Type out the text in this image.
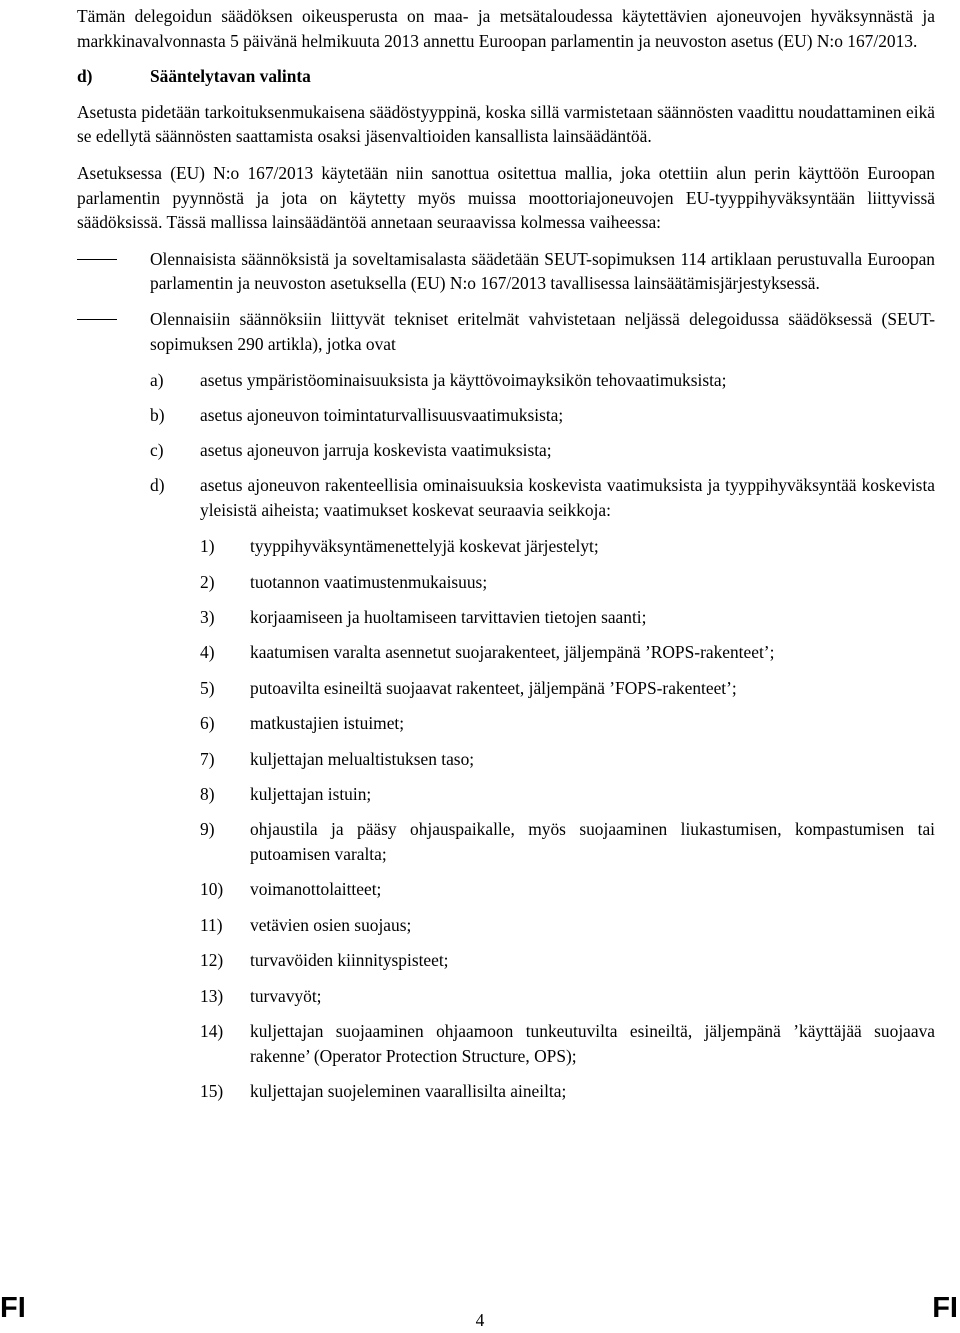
Tämän delegoidun säädöksen oikeusperusta on maa- ja metsätaloudessa käytettävien ajoneuvojen hyväksynnästä ja markkinavalvonnasta 5 päivänä helmikuuta 2013 annettu Euroopan parlamentin ja neuvoston asetus (EU) N:o 167/2013.

d)	Sääntelytavan valinta

Asetusta pidetään tarkoituksenmukaisena säädöstyyppinä, koska sillä varmistetaan säännösten vaadittu noudattaminen eikä se edellytä säännösten saattamista osaksi jäsenvaltioiden kansallista lainsäädäntöä.

Asetuksessa (EU) N:o 167/2013 käytetään niin sanottua ositettua mallia, joka otettiin alun perin käyttöön Euroopan parlamentin pyynnöstä ja jota on käytetty myös muissa moottoriajoneuvojen EU-tyyppihyväksyntään liittyvissä säädöksissä. Tässä mallissa lainsäädäntöä annetaan seuraavissa kolmessa vaiheessa:

Olennaisista säännöksistä ja soveltamisalasta säädetään SEUT-sopimuksen 114 artiklaan perustuvalla Euroopan parlamentin ja neuvoston asetuksella (EU) N:o 167/2013 tavallisessa lainsäätämisjärjestyksessä.
Olennaisiin säännöksiin liittyvät tekniset eritelmät vahvistetaan neljässä delegoidussa säädöksessä (SEUT-sopimuksen 290 artikla), jotka ovat
a)	asetus ympäristöominaisuuksista ja käyttövoimayksikön tehovaatimuksista;
b)	asetus ajoneuvon toimintaturvallisuusvaatimuksista;
c)	asetus ajoneuvon jarruja koskevista vaatimuksista;
d)	asetus ajoneuvon rakenteellisia ominaisuuksia koskevista vaatimuksista ja tyyppihyväksyntää koskevista yleisistä aiheista; vaatimukset koskevat seuraavia seikkoja:
1)	tyyppihyväksyntämenettelyjä koskevat järjestelyt;
2)	tuotannon vaatimustenmukaisuus;
3)	korjaamiseen ja huoltamiseen tarvittavien tietojen saanti;
4)	kaatumisen varalta asennetut suojarakenteet, jäljempänä ’ROPS-rakenteet’;
5)	putoavilta esineiltä suojaavat rakenteet, jäljempänä ’FOPS-rakenteet’;
6)	matkustajien istuimet;
7)	kuljettajan melualtistuksen taso;
8)	kuljettajan istuin;
9)	ohjaustila ja pääsy ohjauspaikalle, myös suojaaminen liukastumisen, kompastumisen tai putoamisen varalta;
10)	voimanottolaitteet;
11)	vetävien osien suojaus;
12)	turvavöiden kiinnityspisteet;
13)	turvavyöt;
14)	kuljettajan suojaaminen ohjaamoon tunkeutuvilta esineiltä, jäljempänä ’käyttäjää suojaava rakenne’ (Operator Protection Structure, OPS);
15)	kuljettajan suojeleminen vaarallisilta aineilta;
FI	4	FI
